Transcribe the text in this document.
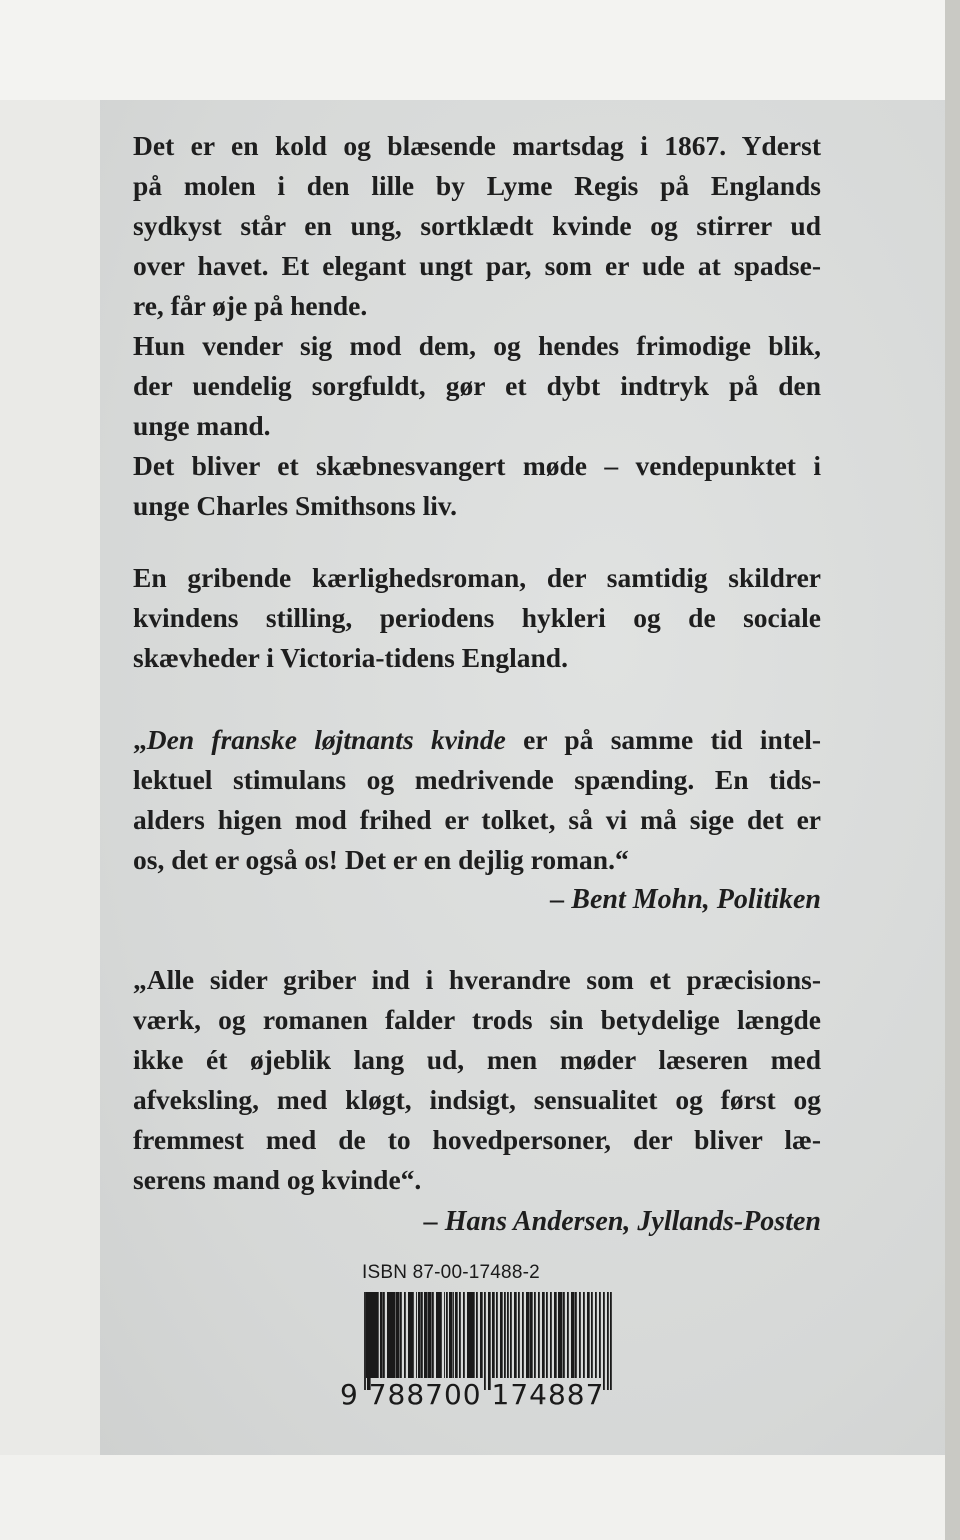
Det er en kold og blæsende martsdag i 1867. Yderst
på molen i den lille by Lyme Regis på Englands
sydkyst står en ung, sortklædt kvinde og stirrer ud
over havet. Et elegant ungt par, som er ude at spadse-
re, får øje på hende.
Hun vender sig mod dem, og hendes frimodige blik,
der uendelig sorgfuldt, gør et dybt indtryk på den
unge mand.
Det bliver et skæbnesvangert møde – vendepunktet i
unge Charles Smithsons liv.
En gribende kærlighedsroman, der samtidig skildrer
kvindens stilling, periodens hykleri og de sociale
skævheder i Victoria-tidens England.
„Den franske løjtnants kvinde er på samme tid intel-
lektuel stimulans og medrivende spænding. En tids-
alders higen mod frihed er tolket, så vi må sige det er
os, det er også os! Det er en dejlig roman.“
– Bent Mohn, Politiken
„Alle sider griber ind i hverandre som et præcisions-
værk, og romanen falder trods sin betydelige længde
ikke ét øjeblik lang ud, men møder læseren med
afveksling, med kløgt, indsigt, sensualitet og først og
fremmest med de to hovedpersoner, der bliver læ-
serens mand og kvinde“.
– Hans Andersen, Jyllands-Posten
ISBN 87-00-17488-2
9 788700 174887
